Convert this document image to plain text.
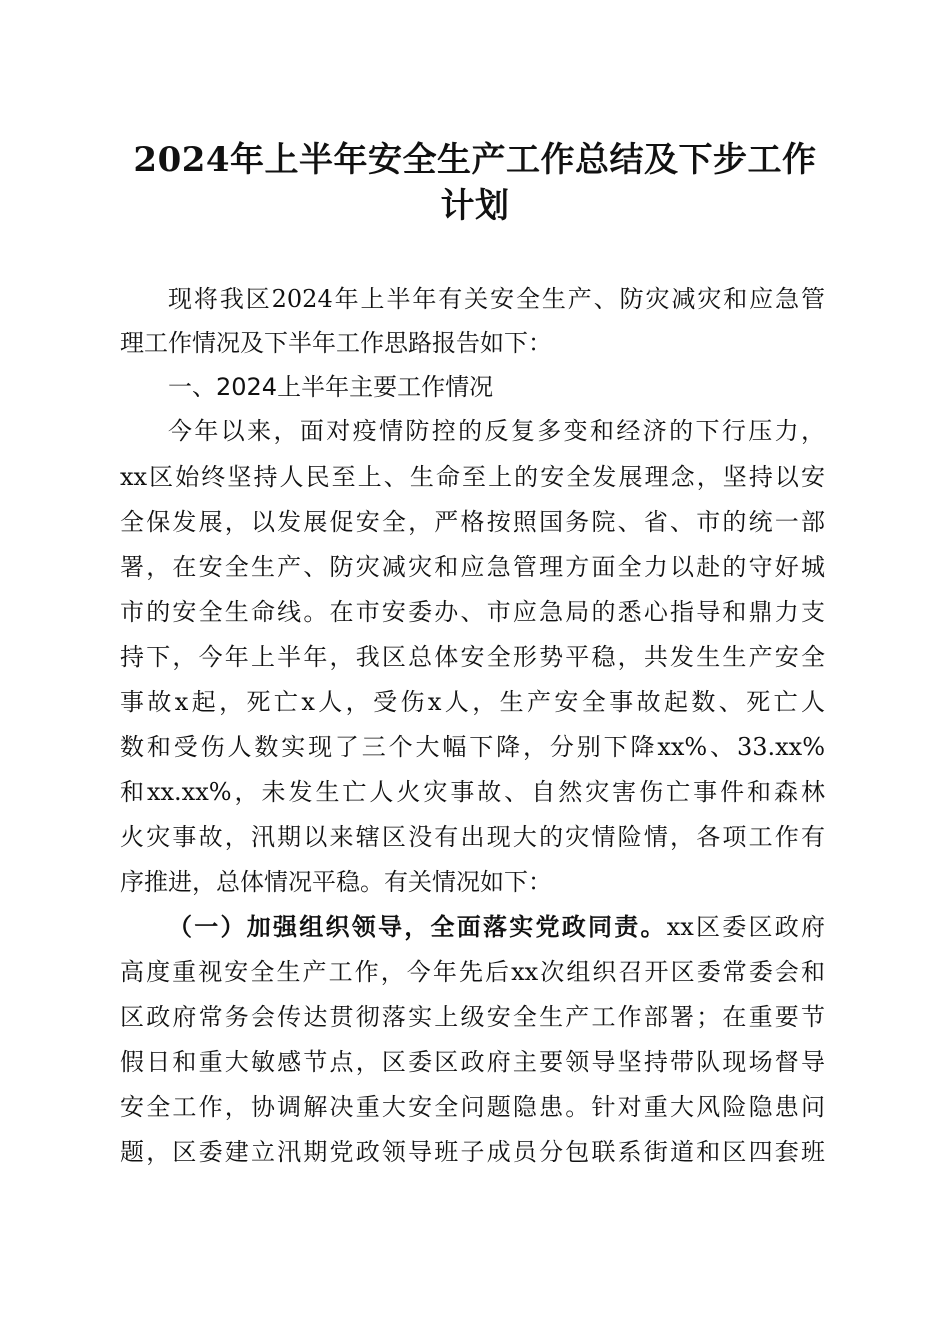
2024年上半年安全生产工作总结及下步工作
计划
现将我区2024年上半年有关安全生产、防灾减灾和应急管
理工作情况及下半年工作思路报告如下：
一、2024上半年主要工作情况
今年以来，面对疫情防控的反复多变和经济的下行压力，
xx区始终坚持人民至上、生命至上的安全发展理念，坚持以安
全保发展，以发展促安全，严格按照国务院、省、市的统一部
署，在安全生产、防灾减灾和应急管理方面全力以赴的守好城
市的安全生命线。在市安委办、市应急局的悉心指导和鼎力支
持下，今年上半年，我区总体安全形势平稳，共发生生产安全
事故x起，死亡x人，受伤x人，生产安全事故起数、死亡人
数和受伤人数实现了三个大幅下降，分别下降xx%、33.xx%
和xx.xx%，未发生亡人火灾事故、自然灾害伤亡事件和森林
火灾事故，汛期以来辖区没有出现大的灾情险情，各项工作有
序推进，总体情况平稳。有关情况如下：
（一）加强组织领导，全面落实党政同责。xx区委区政府
高度重视安全生产工作，今年先后xx次组织召开区委常委会和
区政府常务会传达贯彻落实上级安全生产工作部署；在重要节
假日和重大敏感节点，区委区政府主要领导坚持带队现场督导
安全工作，协调解决重大安全问题隐患。针对重大风险隐患问
题，区委建立汛期党政领导班子成员分包联系街道和区四套班
